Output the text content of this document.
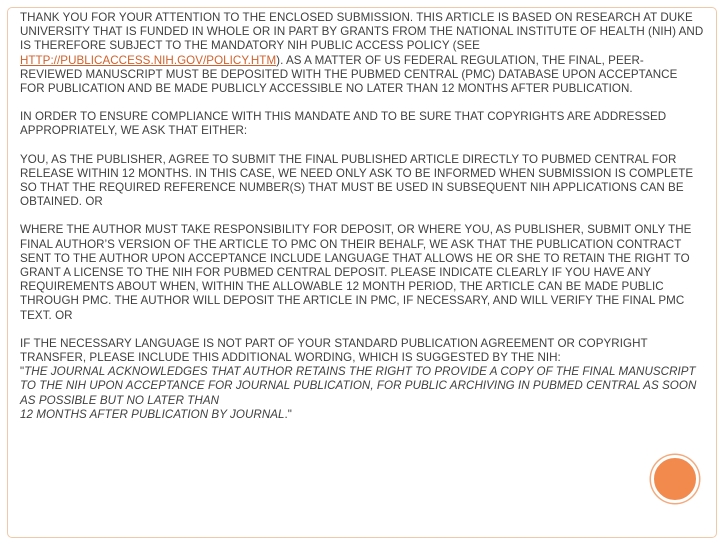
THANK YOU FOR YOUR ATTENTION TO THE ENCLOSED SUBMISSION. THIS ARTICLE IS BASED ON RESEARCH AT DUKE UNIVERSITY THAT IS FUNDED IN WHOLE OR IN PART BY GRANTS FROM THE NATIONAL INSTITUTE OF HEALTH (NIH) AND IS THEREFORE SUBJECT TO THE MANDATORY NIH PUBLIC ACCESS POLICY (SEE HTTP://PUBLICACCESS.NIH.GOV/POLICY.HTM). AS A MATTER OF US FEDERAL REGULATION, THE FINAL, PEER-REVIEWED MANUSCRIPT MUST BE DEPOSITED WITH THE PUBMED CENTRAL (PMC) DATABASE UPON ACCEPTANCE FOR PUBLICATION AND BE MADE PUBLICLY ACCESSIBLE NO LATER THAN 12 MONTHS AFTER PUBLICATION.

IN ORDER TO ENSURE COMPLIANCE WITH THIS MANDATE AND TO BE SURE THAT COPYRIGHTS ARE ADDRESSED APPROPRIATELY, WE ASK THAT EITHER:

YOU, AS THE PUBLISHER, AGREE TO SUBMIT THE FINAL PUBLISHED ARTICLE DIRECTLY TO PUBMED CENTRAL FOR RELEASE WITHIN 12 MONTHS. IN THIS CASE, WE NEED ONLY ASK TO BE INFORMED WHEN SUBMISSION IS COMPLETE SO THAT THE REQUIRED REFERENCE NUMBER(S) THAT MUST BE USED IN SUBSEQUENT NIH APPLICATIONS CAN BE OBTAINED. OR

WHERE THE AUTHOR MUST TAKE RESPONSIBILITY FOR DEPOSIT, OR WHERE YOU, AS PUBLISHER, SUBMIT ONLY THE FINAL AUTHOR’S VERSION OF THE ARTICLE TO PMC ON THEIR BEHALF, WE ASK THAT THE PUBLICATION CONTRACT SENT TO THE AUTHOR UPON ACCEPTANCE INCLUDE LANGUAGE THAT ALLOWS HE OR SHE TO RETAIN THE RIGHT TO GRANT A LICENSE TO THE NIH FOR PUBMED CENTRAL DEPOSIT. PLEASE INDICATE CLEARLY IF YOU HAVE ANY REQUIREMENTS ABOUT WHEN, WITHIN THE ALLOWABLE 12 MONTH PERIOD, THE ARTICLE CAN BE MADE PUBLIC THROUGH PMC. THE AUTHOR WILL DEPOSIT THE ARTICLE IN PMC, IF NECESSARY, AND WILL VERIFY THE FINAL PMC TEXT. OR

IF THE NECESSARY LANGUAGE IS NOT PART OF YOUR STANDARD PUBLICATION AGREEMENT OR COPYRIGHT TRANSFER, PLEASE INCLUDE THIS ADDITIONAL WORDING, WHICH IS SUGGESTED BY THE NIH:
"THE JOURNAL ACKNOWLEDGES THAT AUTHOR RETAINS THE RIGHT TO PROVIDE A COPY OF THE FINAL MANUSCRIPT TO THE NIH UPON ACCEPTANCE FOR JOURNAL PUBLICATION, FOR PUBLIC ARCHIVING IN PUBMED CENTRAL AS SOON AS POSSIBLE BUT NO LATER THAN
12 MONTHS AFTER PUBLICATION BY JOURNAL."
